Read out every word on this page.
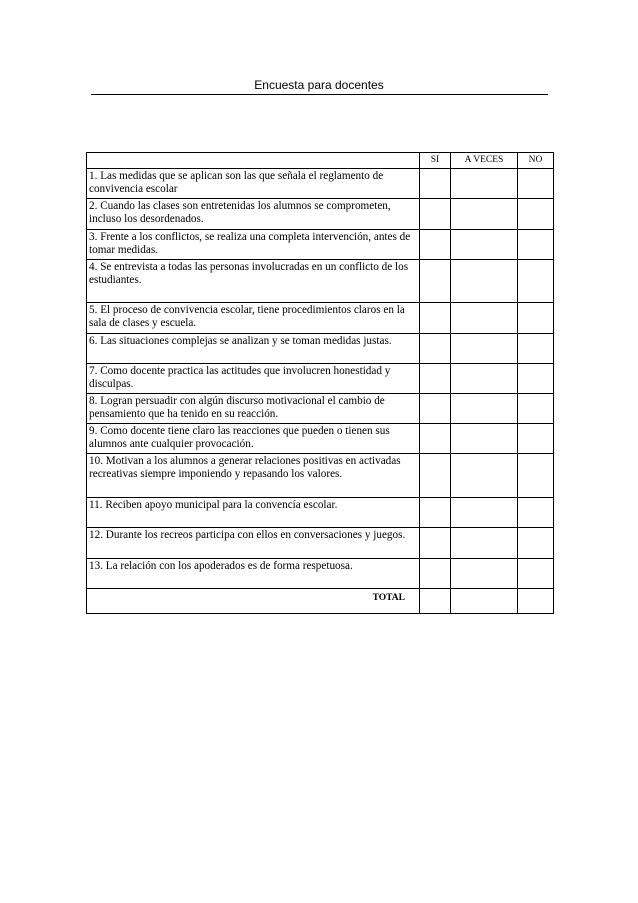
Encuesta para docentes
	SI	A VECES	NO
1. Las medidas que se aplican son las que señala el reglamento de convivencia escolar			
2. Cuando las clases son entretenidas los alumnos se comprometen, incluso los desordenados.			
3. Frente a los conflictos, se realiza una completa intervención, antes de tomar medidas.			
4. Se entrevista a todas las personas involucradas en un conflicto de los estudiantes.			
5. El proceso de convivencia escolar, tiene procedimientos claros en la sala de clases y escuela.			
6. Las situaciones complejas se analizan y se toman medidas justas.			
7. Como docente practica las actitudes que involucren honestidad y disculpas.			
8. Logran persuadir con algún discurso motivacional el cambio de pensamiento que ha tenido en su reacción.			
9. Como docente tiene claro las reacciones que pueden o tienen sus alumnos ante cualquier provocación.			
10. Motivan a los alumnos a generar relaciones positivas en activadas recreativas siempre imponiendo y repasando los valores.			
11. Reciben apoyo municipal para la convencía escolar.			
12. Durante los recreos participa con ellos en conversaciones y juegos.			
13. La relación con los apoderados es de forma respetuosa.			
TOTAL			
